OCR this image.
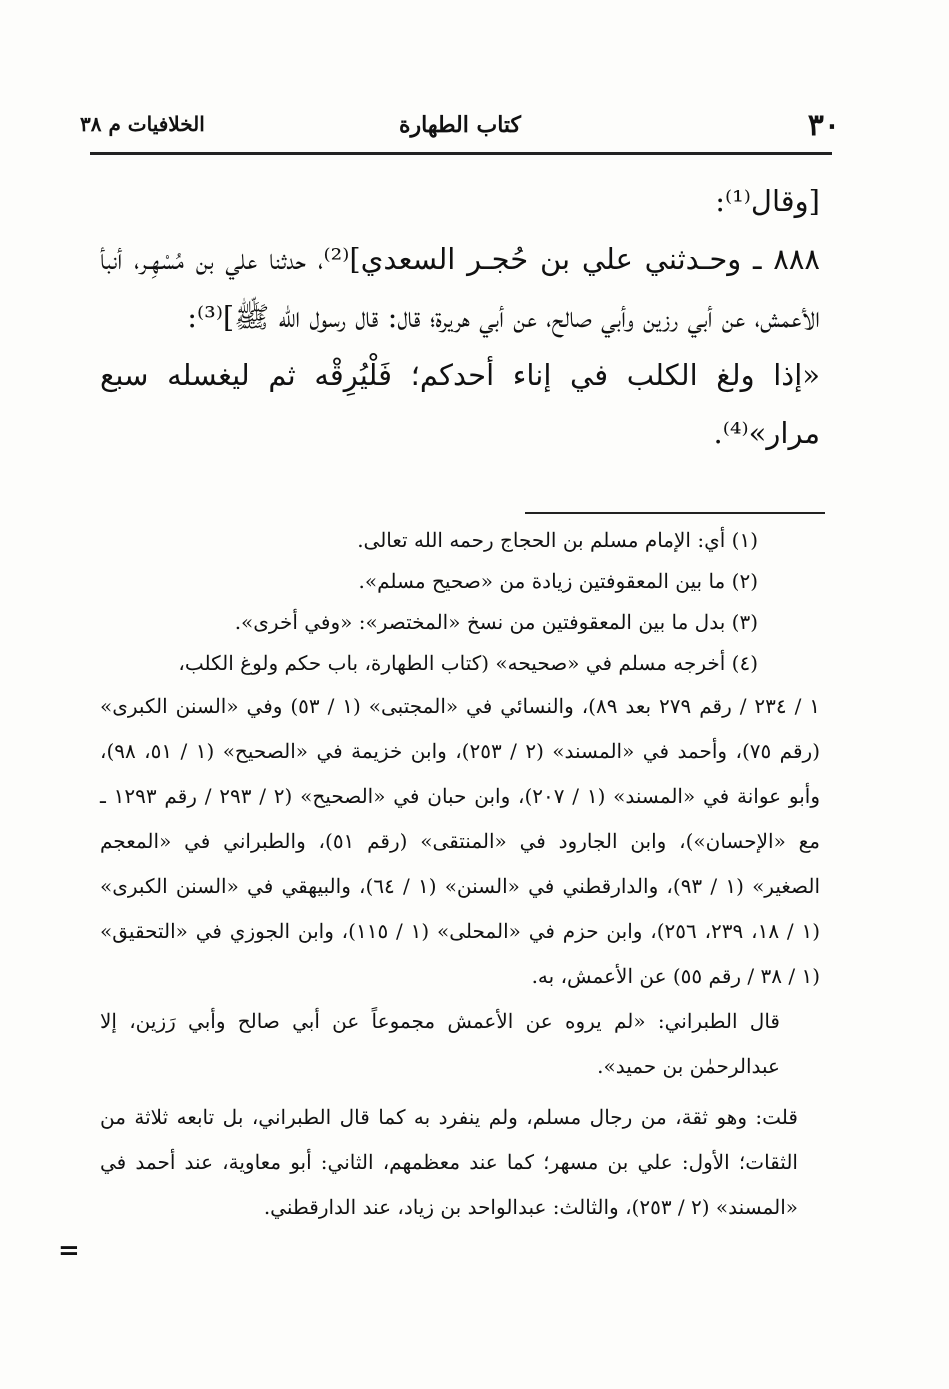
٣٠
كتاب الطهارة
الخلافيات م ٣٨

[وقال⁽¹⁾:

٨٨٨ ـ وحـدثني علي بن حُجـر السعدي]⁽²⁾، حدثنا علي بن مُسْهِـر، أنبأ الأعمش، عن أبي رزين وأبي صالح، عن أبي هريرة؛ قال: قال رسول الله ﷺ]⁽³⁾:

«إذا ولغ الكلب في إناء أحدكم؛ فَلْيُرِقْه ثم ليغسله سبع مرار»⁽⁴⁾.

(١) أي: الإمام مسلم بن الحجاج رحمه الله تعالى.

(٢) ما بين المعقوفتين زيادة من «صحيح مسلم».

(٣) بدل ما بين المعقوفتين من نسخ «المختصر»: «وفي أخرى».

(٤) أخرجه مسلم في «صحيحه» (كتاب الطهارة، باب حكم ولوغ الكلب،

١ / ٢٣٤ / رقم ٢٧٩ بعد ٨٩)، والنسائي في «المجتبى» (١ / ٥٣) وفي «السنن الكبرى» (رقم ٧٥)، وأحمد في «المسند» (٢ / ٢٥٣)، وابن خزيمة في «الصحيح» (١ / ٥١، ٩٨)، وأبو عوانة في «المسند» (١ / ٢٠٧)، وابن حبان في «الصحيح» (٢ / ٢٩٣ / رقم ١٢٩٣ ـ مع «الإحسان»)، وابن الجارود في «المنتقى» (رقم ٥١)، والطبراني في «المعجم الصغير» (١ / ٩٣)، والدارقطني في «السنن» (١ / ٦٤)، والبيهقي في «السنن الكبرى» (١ / ١٨، ٢٣٩، ٢٥٦)، وابن حزم في «المحلى» (١ / ١١٥)، وابن الجوزي في «التحقيق» (١ / ٣٨ / رقم ٥٥) عن الأعمش، به.

قال الطبراني: «لم يروه عن الأعمش مجموعاً عن أبي صالح وأبي رَزين، إلا عبدالرحمٰن بن حميد».

قلت: وهو ثقة، من رجال مسلم، ولم ينفرد به كما قال الطبراني، بل تابعه ثلاثة من الثقات؛ الأول: علي بن مسهر؛ كما عند معظمهم، الثاني: أبو معاوية، عند أحمد في «المسند» (٢ / ٢٥٣)، والثالث: عبدالواحد بن زياد، عند الدارقطني.

=
